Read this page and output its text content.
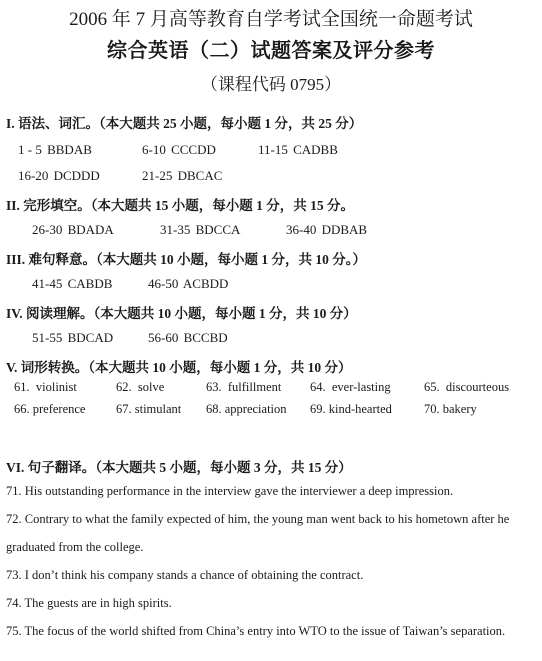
2006 年 7 月高等教育自学考试全国统一命题考试
综合英语（二）试题答案及评分参考
（课程代码 0795）
I. 语法、词汇。（本大题共 25 小题，每小题 1 分，共 25 分）
1 - 5 BBDAB	6-10 CCCDD	11-15 CADBB
16-20 DCDDD	21-25 DBCAC
II. 完形填空。（本大题共 15 小题，每小题 1 分，共 15 分。
26-30 BDADA	31-35 BDCCA	36-40 DDBAB
III. 难句释意。（本大题共 10 小题，每小题 1 分，共 10 分。）
41-45 CABDB	46-50 ACBDD
IV. 阅读理解。（本大题共 10 小题，每小题 1 分，共 10 分）
51-55 BDCAD	56-60 BCCBD
V. 词形转换。（本大题共 10 小题，每小题 1 分，共 10 分）
61. violinist	62. solve	63. fulfillment 64. ever-lasting	65. discourteous
66. preference 67. stimulant 68. appreciation 69. kind-hearted	70. bakery
VI. 句子翻译。（本大题共 5 小题，每小题 3 分，共 15 分）
71. His outstanding performance in the interview gave the interviewer a deep impression.
72. Contrary to what the family expected of him, the young man went back to his hometown after he
graduated from the college.
73. I don’t think his company stands a chance of obtaining the contract.
74. The guests are in high spirits.
75. The focus of the world shifted from China’s entry into WTO to the issue of Taiwan’s separation.
